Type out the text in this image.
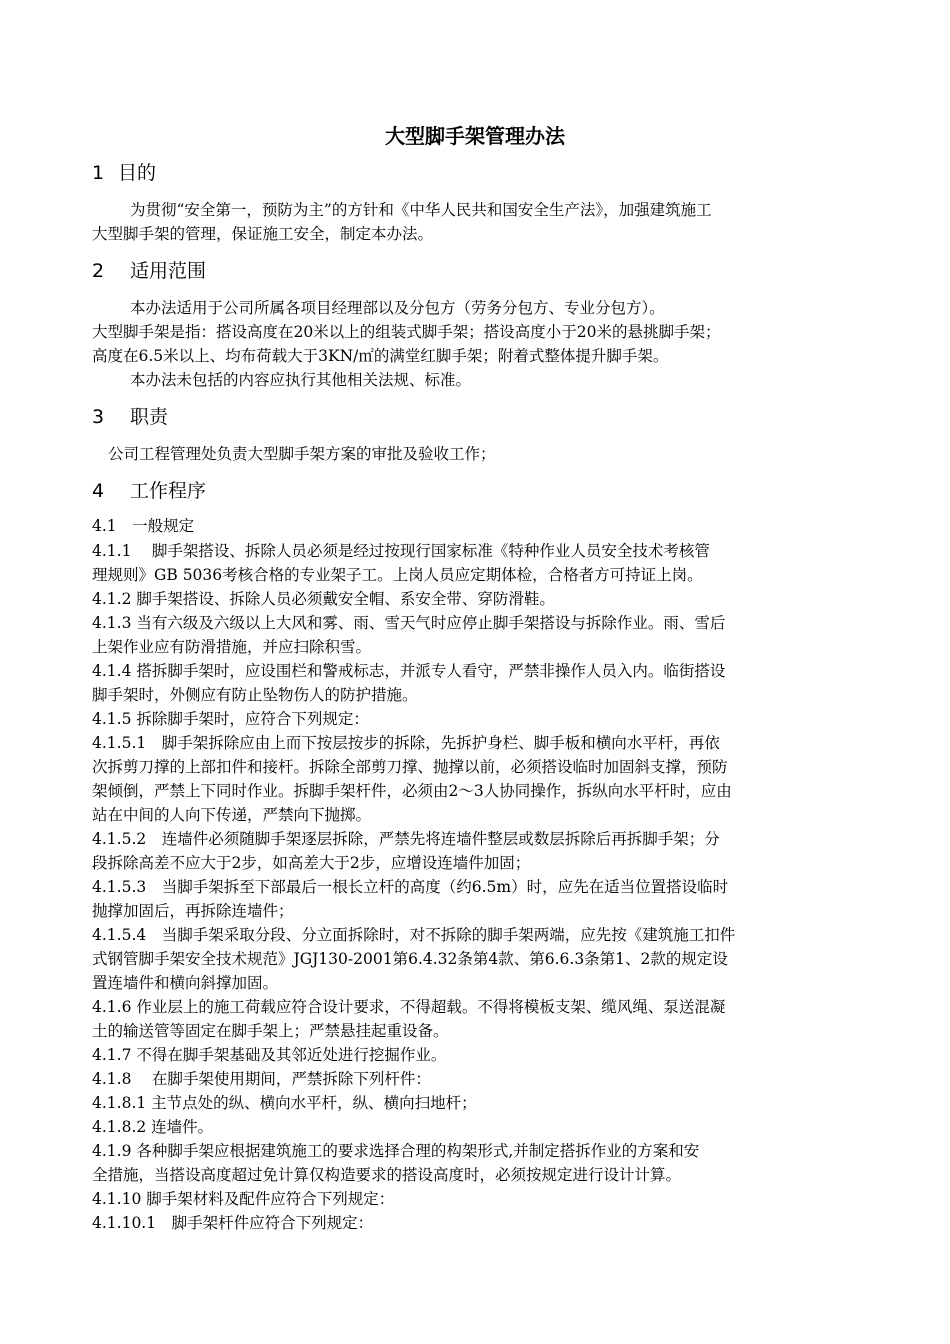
大型脚手架管理办法
1 目的
为贯彻“安全第一，预防为主”的方针和《中华人民共和国安全生产法》，加强建筑施工
大型脚手架的管理，保证施工安全，制定本办法。
2 适用范围
本办法适用于公司所属各项目经理部以及分包方（劳务分包方、专业分包方）。
大型脚手架是指：搭设高度在20米以上的组装式脚手架；搭设高度小于20米的悬挑脚手架；
高度在6.5米以上、均布荷载大于3KN/㎡的满堂红脚手架；附着式整体提升脚手架。
本办法未包括的内容应执行其他相关法规、标准。
3 职责
公司工程管理处负责大型脚手架方案的审批及验收工作；
4 工作程序
4.1　一般规定
4.1.1　 脚手架搭设、拆除人员必须是经过按现行国家标准《特种作业人员安全技术考核管
理规则》GB 5036考核合格的专业架子工。上岗人员应定期体检，合格者方可持证上岗。
4.1.2 脚手架搭设、拆除人员必须戴安全帽、系安全带、穿防滑鞋。
4.1.3 当有六级及六级以上大风和雾、雨、雪天气时应停止脚手架搭设与拆除作业。雨、雪后
上架作业应有防滑措施，并应扫除积雪。
4.1.4 搭拆脚手架时，应设围栏和警戒标志，并派专人看守，严禁非操作人员入内。临街搭设
脚手架时，外侧应有防止坠物伤人的防护措施。
4.1.5 拆除脚手架时，应符合下列规定：
4.1.5.1　脚手架拆除应由上而下按层按步的拆除，先拆护身栏、脚手板和横向水平杆，再依
次拆剪刀撑的上部扣件和接杆。拆除全部剪刀撑、抛撑以前，必须搭设临时加固斜支撑，预防
架倾倒，严禁上下同时作业。拆脚手架杆件，必须由2～3人协同操作，拆纵向水平杆时，应由
站在中间的人向下传递，严禁向下抛掷。
4.1.5.2　连墙件必须随脚手架逐层拆除，严禁先将连墙件整层或数层拆除后再拆脚手架；分
段拆除高差不应大于2步，如高差大于2步，应增设连墙件加固；
4.1.5.3　当脚手架拆至下部最后一根长立杆的高度（约6.5m）时，应先在适当位置搭设临时
抛撑加固后，再拆除连墙件；
4.1.5.4　当脚手架采取分段、分立面拆除时，对不拆除的脚手架两端，应先按《建筑施工扣件
式钢管脚手架安全技术规范》JGJ130-2001第6.4.32条第4款、第6.6.3条第1、2款的规定设
置连墙件和横向斜撑加固。
4.1.6 作业层上的施工荷载应符合设计要求，不得超载。不得将模板支架、缆风绳、泵送混凝
土的输送管等固定在脚手架上；严禁悬挂起重设备。
4.1.7 不得在脚手架基础及其邻近处进行挖掘作业。
4.1.8　 在脚手架使用期间，严禁拆除下列杆件：
4.1.8.1 主节点处的纵、横向水平杆，纵、横向扫地杆；
4.1.8.2 连墙件。
4.1.9 各种脚手架应根据建筑施工的要求选择合理的构架形式,并制定搭拆作业的方案和安
全措施，当搭设高度超过免计算仅构造要求的搭设高度时，必须按规定进行设计计算。
4.1.10 脚手架材料及配件应符合下列规定：
4.1.10.1　脚手架杆件应符合下列规定：
